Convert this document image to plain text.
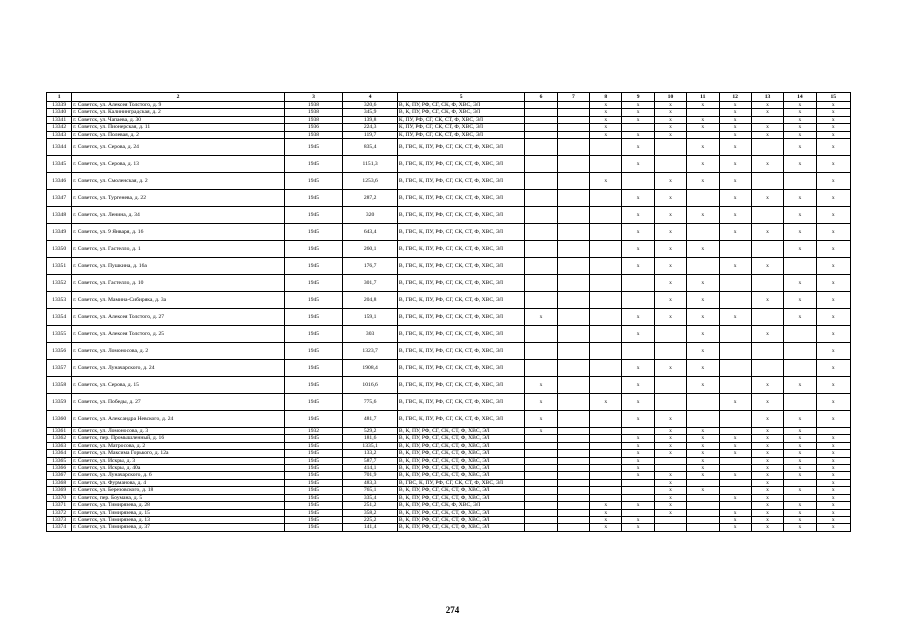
1	2	3	4	5	6	7	8	9	10	11	12	13	14	15
13339	г. Советск, ул. Алексея Толстого, д. 9	1938	320,6	В, К, ПУ, РФ, СГ, СК, Ф, ХВС, ЭЛ			x	x	x	x	x	x	x	x
13340	г. Советск, ул. Калининградская, д. 2	1938	345,9	В, К, ПУ, РФ, СГ, СК, Ф, ХВС, ЭЛ			x	x	x		x	x	x	x
13341	г. Советск, ул. Чапаева, д. 30	1938	139,8	К, ПУ, РФ, СГ, СК, СТ, Ф, ХВС, ЭЛ			x	x	x	x	x		x	x
13342	г. Советск, ул. Пионерская, д. 11	1936	224,3	К, ПУ, РФ, СГ, СК, СТ, Ф, ХВС, ЭЛ			x		x	x	x	x	x	x
13343	г. Советск, ул. Полевая, д. 2	1938	119,7	К, ПУ, РФ, СГ, СК, СТ, Ф, ХВС, ЭЛ			x	x	x		x	x	x	x
13344	г. Советск, ул. Серова, д. 24	1945	835,4	В, ГВС, К, ПУ, РФ, СГ, СК, СТ, Ф, ХВС, ЭЛ				x		x	x		x	x
13345	г. Советск, ул. Серова, д. 13	1945	1151,3	В, ГВС, К, ПУ, РФ, СГ, СК, СТ, Ф, ХВС, ЭЛ				x		x	x	x	x	x
13346	г. Советск, ул. Смоленская, д. 2	1945	1253,6	В, ГВС, К, ПУ, РФ, СГ, СК, СТ, Ф, ХВС, ЭЛ			x		x	x	x			x
13347	г. Советск, ул. Тургенева, д. 22	1945	287,2	В, ГВС, К, ПУ, РФ, СГ, СК, СТ, Ф, ХВС, ЭЛ				x	x		x	x	x	x
13348	г. Советск, ул. Ленина, д. 34	1945	320	В, ГВС, К, ПУ, РФ, СГ, СК, СТ, Ф, ХВС, ЭЛ				x	x	x	x		x	x
13349	г. Советск, ул. 9 Января, д. 16	1945	643,4	В, ГВС, К, ПУ, РФ, СГ, СК, СТ, Ф, ХВС, ЭЛ				x	x		x	x	x	x
13350	г. Советск, ул. Гастелло, д. 1	1945	260,1	В, ГВС, К, ПУ, РФ, СГ, СК, СТ, Ф, ХВС, ЭЛ				x	x	x			x	x
13351	г. Советск, ул. Пушкина, д. 16а	1945	176,7	В, ГВС, К, ПУ, РФ, СГ, СК, СТ, Ф, ХВС, ЭЛ				x	x		x	x		x
13352	г. Советск, ул. Гастелло, д. 10	1945	301,7	В, ГВС, К, ПУ, РФ, СГ, СК, СТ, Ф, ХВС, ЭЛ					x	x			x	x
13353	г. Советск, ул. Мамина-Сибиряка, д. 3а	1945	204,8	В, ГВС, К, ПУ, РФ, СГ, СК, СТ, Ф, ХВС, ЭЛ					x	x		x	x	x
13354	г. Советск, ул. Алексея Толстого, д. 27	1945	159,1	В, ГВС, К, ПУ, РФ, СГ, СК, СТ, Ф, ХВС, ЭЛ	x			x	x	x	x		x	x
13355	г. Советск, ул. Алексея Толстого, д. 25	1945	303	В, ГВС, К, ПУ, РФ, СГ, СК, СТ, Ф, ХВС, ЭЛ				x		x		x		x
13356	г. Советск, ул. Ломоносова, д. 2	1945	1323,7	В, ГВС, К, ПУ, РФ, СГ, СК, СТ, Ф, ХВС, ЭЛ						x				x
13357	г. Советск, ул. Луначарского, д. 24	1945	1908,4	В, ГВС, К, ПУ, РФ, СГ, СК, СТ, Ф, ХВС, ЭЛ				x	x	x				x
13358	г. Советск, ул. Серова, д. 15	1945	1016,6	В, ГВС, К, ПУ, РФ, СГ, СК, СТ, Ф, ХВС, ЭЛ	x			x		x		x	x	x
13359	г. Советск, ул. Победы, д. 27	1945	775,6	В, ГВС, К, ПУ, РФ, СГ, СК, СТ, Ф, ХВС, ЭЛ	x		x	x			x	x		x
13360	г. Советск, ул. Александра Невского, д. 24	1945	481,7	В, ГВС, К, ПУ, РФ, СГ, СК, СТ, Ф, ХВС, ЭЛ	x			x	x			x	x	x
13361	г. Советск, ул. Ломоносова, д. 3	1932	529,2	В, К, ПУ, РФ, СГ, СК, СТ, Ф, ХВС, ЭЛ	x				x	x		x	x	
13362	г. Советск, пер. Промышленный, д. 16	1945	181,6	В, К, ПУ, РФ, СГ, СК, СТ, Ф, ХВС, ЭЛ				x	x	x	x	x	x	x
13363	г. Советск, ул. Матросова, д. 2	1945	1335,1	В, К, ПУ, РФ, СГ, СК, СТ, Ф, ХВС, ЭЛ				x	x	x	x	x	x	x
13364	г. Советск, ул. Максима Горького, д. 12а	1945	133,2	В, К, ПУ, РФ, СГ, СК, СТ, Ф, ХВС, ЭЛ				x	x	x	x	x	x	x
13365	г. Советск, ул. Искры, д. 3	1945	587,7	В, К, ПУ, РФ, СГ, СК, СТ, Ф, ХВС, ЭЛ				x		x		x	x	x
13366	г. Советск, ул. Искры, д. 40а	1945	414,1	В, К, ПУ, РФ, СГ, СК, СТ, Ф, ХВС, ЭЛ				x		x		x	x	x
13367	г. Советск, ул. Луначарского, д. 6	1945	701,9	В, К, ПУ, РФ, СГ, СК, СТ, Ф, ХВС, ЭЛ				x	x	x	x	x	x	x
13368	г. Советск, ул. Фурманова, д. 4	1945	483,3	В, ГВС, К, ПУ, РФ, СГ, СК, СТ, Ф, ХВС, ЭЛ					x			x		x
13369	г. Советск, ул. Березовского, д. 18	1945	765,1	В, К, ПУ, РФ, СГ, СК, СТ, Ф, ХВС, ЭЛ					x	x		x	x	x
13370	г. Советск, пер. Боумана, д. 5	1945	335,4	В, К, ПУ, РФ, СГ, СК, СТ, Ф, ХВС, ЭЛ					x		x	x		x
13371	г. Советск, ул. Тимирязева, д. 28	1945	251,2	В, К, ПУ, РФ, СГ, СК, Ф, ХВС, ЭЛ			x	x	x			x	x	x
13372	г. Советск, ул. Тимирязева, д. 15	1945	358,2	В, К, ПУ, РФ, СГ, СК, СТ, Ф, ХВС, ЭЛ			x		x		x	x	x	x
13373	г. Советск, ул. Тимирязева, д. 13	1945	225,2	В, К, ПУ, РФ, СГ, СК, СТ, Ф, ХВС, ЭЛ			x	x			x	x	x	x
13374	г. Советск, ул. Тимирязева, д. 37	1945	141,4	В, К, ПУ, РФ, СГ, СК, СТ, Ф, ХВС, ЭЛ			x	x			x	x	x	x
274
